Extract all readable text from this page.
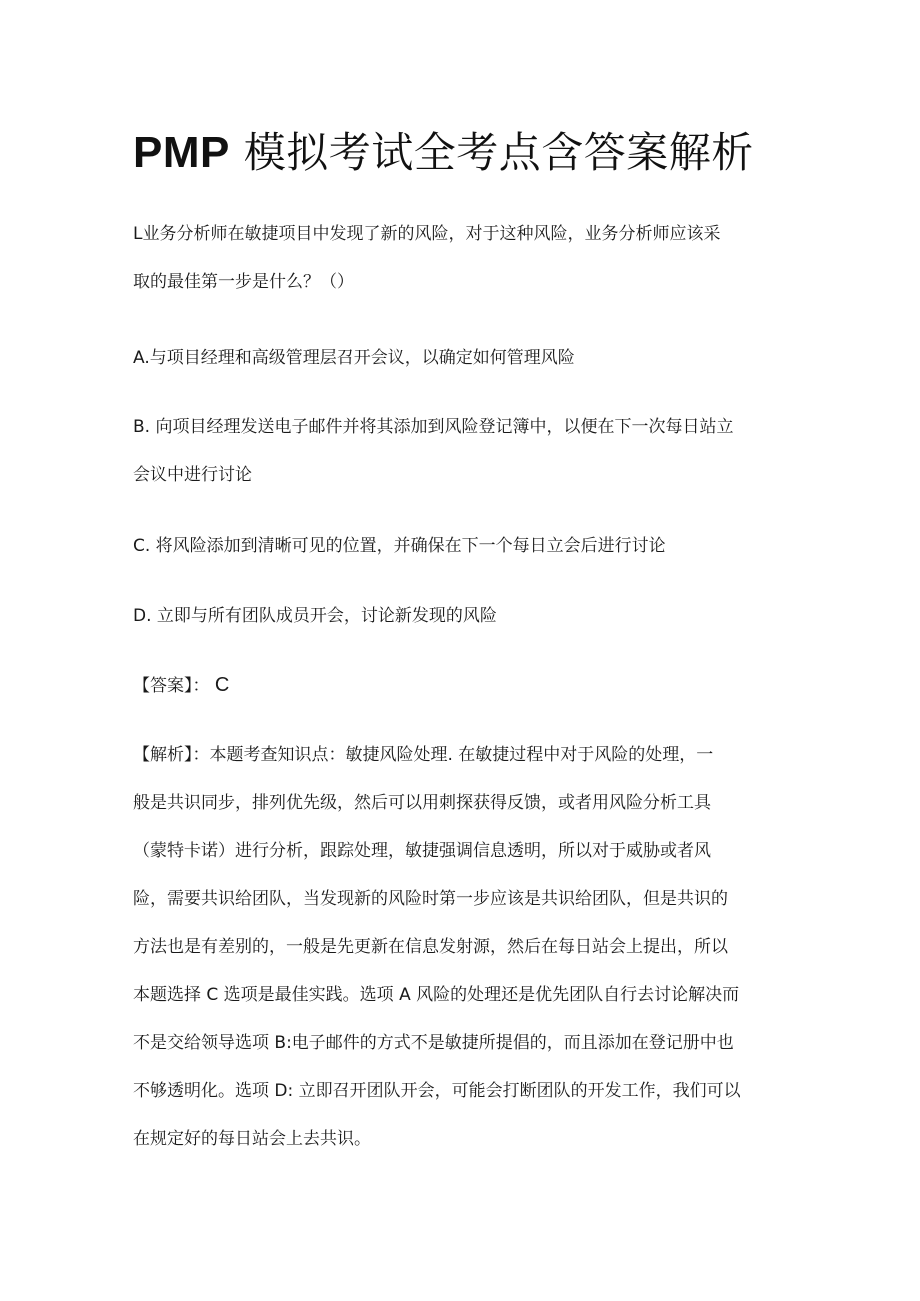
PMP 模拟考试全考点含答案解析
L业务分析师在敏捷项目中发现了新的风险，对于这种风险，业务分析师应该采
取的最佳第一步是什么？（）
A.与项目经理和高级管理层召开会议，以确定如何管理风险
B. 向项目经理发送电子邮件并将其添加到风险登记簿中，以便在下一次每日站立
会议中进行讨论
C. 将风险添加到清晰可见的位置，并确保在下一个每日立会后进行讨论
D. 立即与所有团队成员开会，讨论新发现的风险
【答案】： C
【解析】：本题考查知识点：敏捷风险处理. 在敏捷过程中对于风险的处理，一
般是共识同步，排列优先级，然后可以用刺探获得反馈，或者用风险分析工具
（蒙特卡诺）进行分析，跟踪处理，敏捷强调信息透明，所以对于威胁或者风
险，需要共识给团队，当发现新的风险时第一步应该是共识给团队，但是共识的
方法也是有差别的，一般是先更新在信息发射源，然后在每日站会上提出，所以
本题选择 C 选项是最佳实践。选项 A 风险的处理还是优先团队自行去讨论解决而
不是交给领导选项 B:电子邮件的方式不是敏捷所提倡的，而且添加在登记册中也
不够透明化。选项 D: 立即召开团队开会，可能会打断团队的开发工作，我们可以
在规定好的每日站会上去共识。
